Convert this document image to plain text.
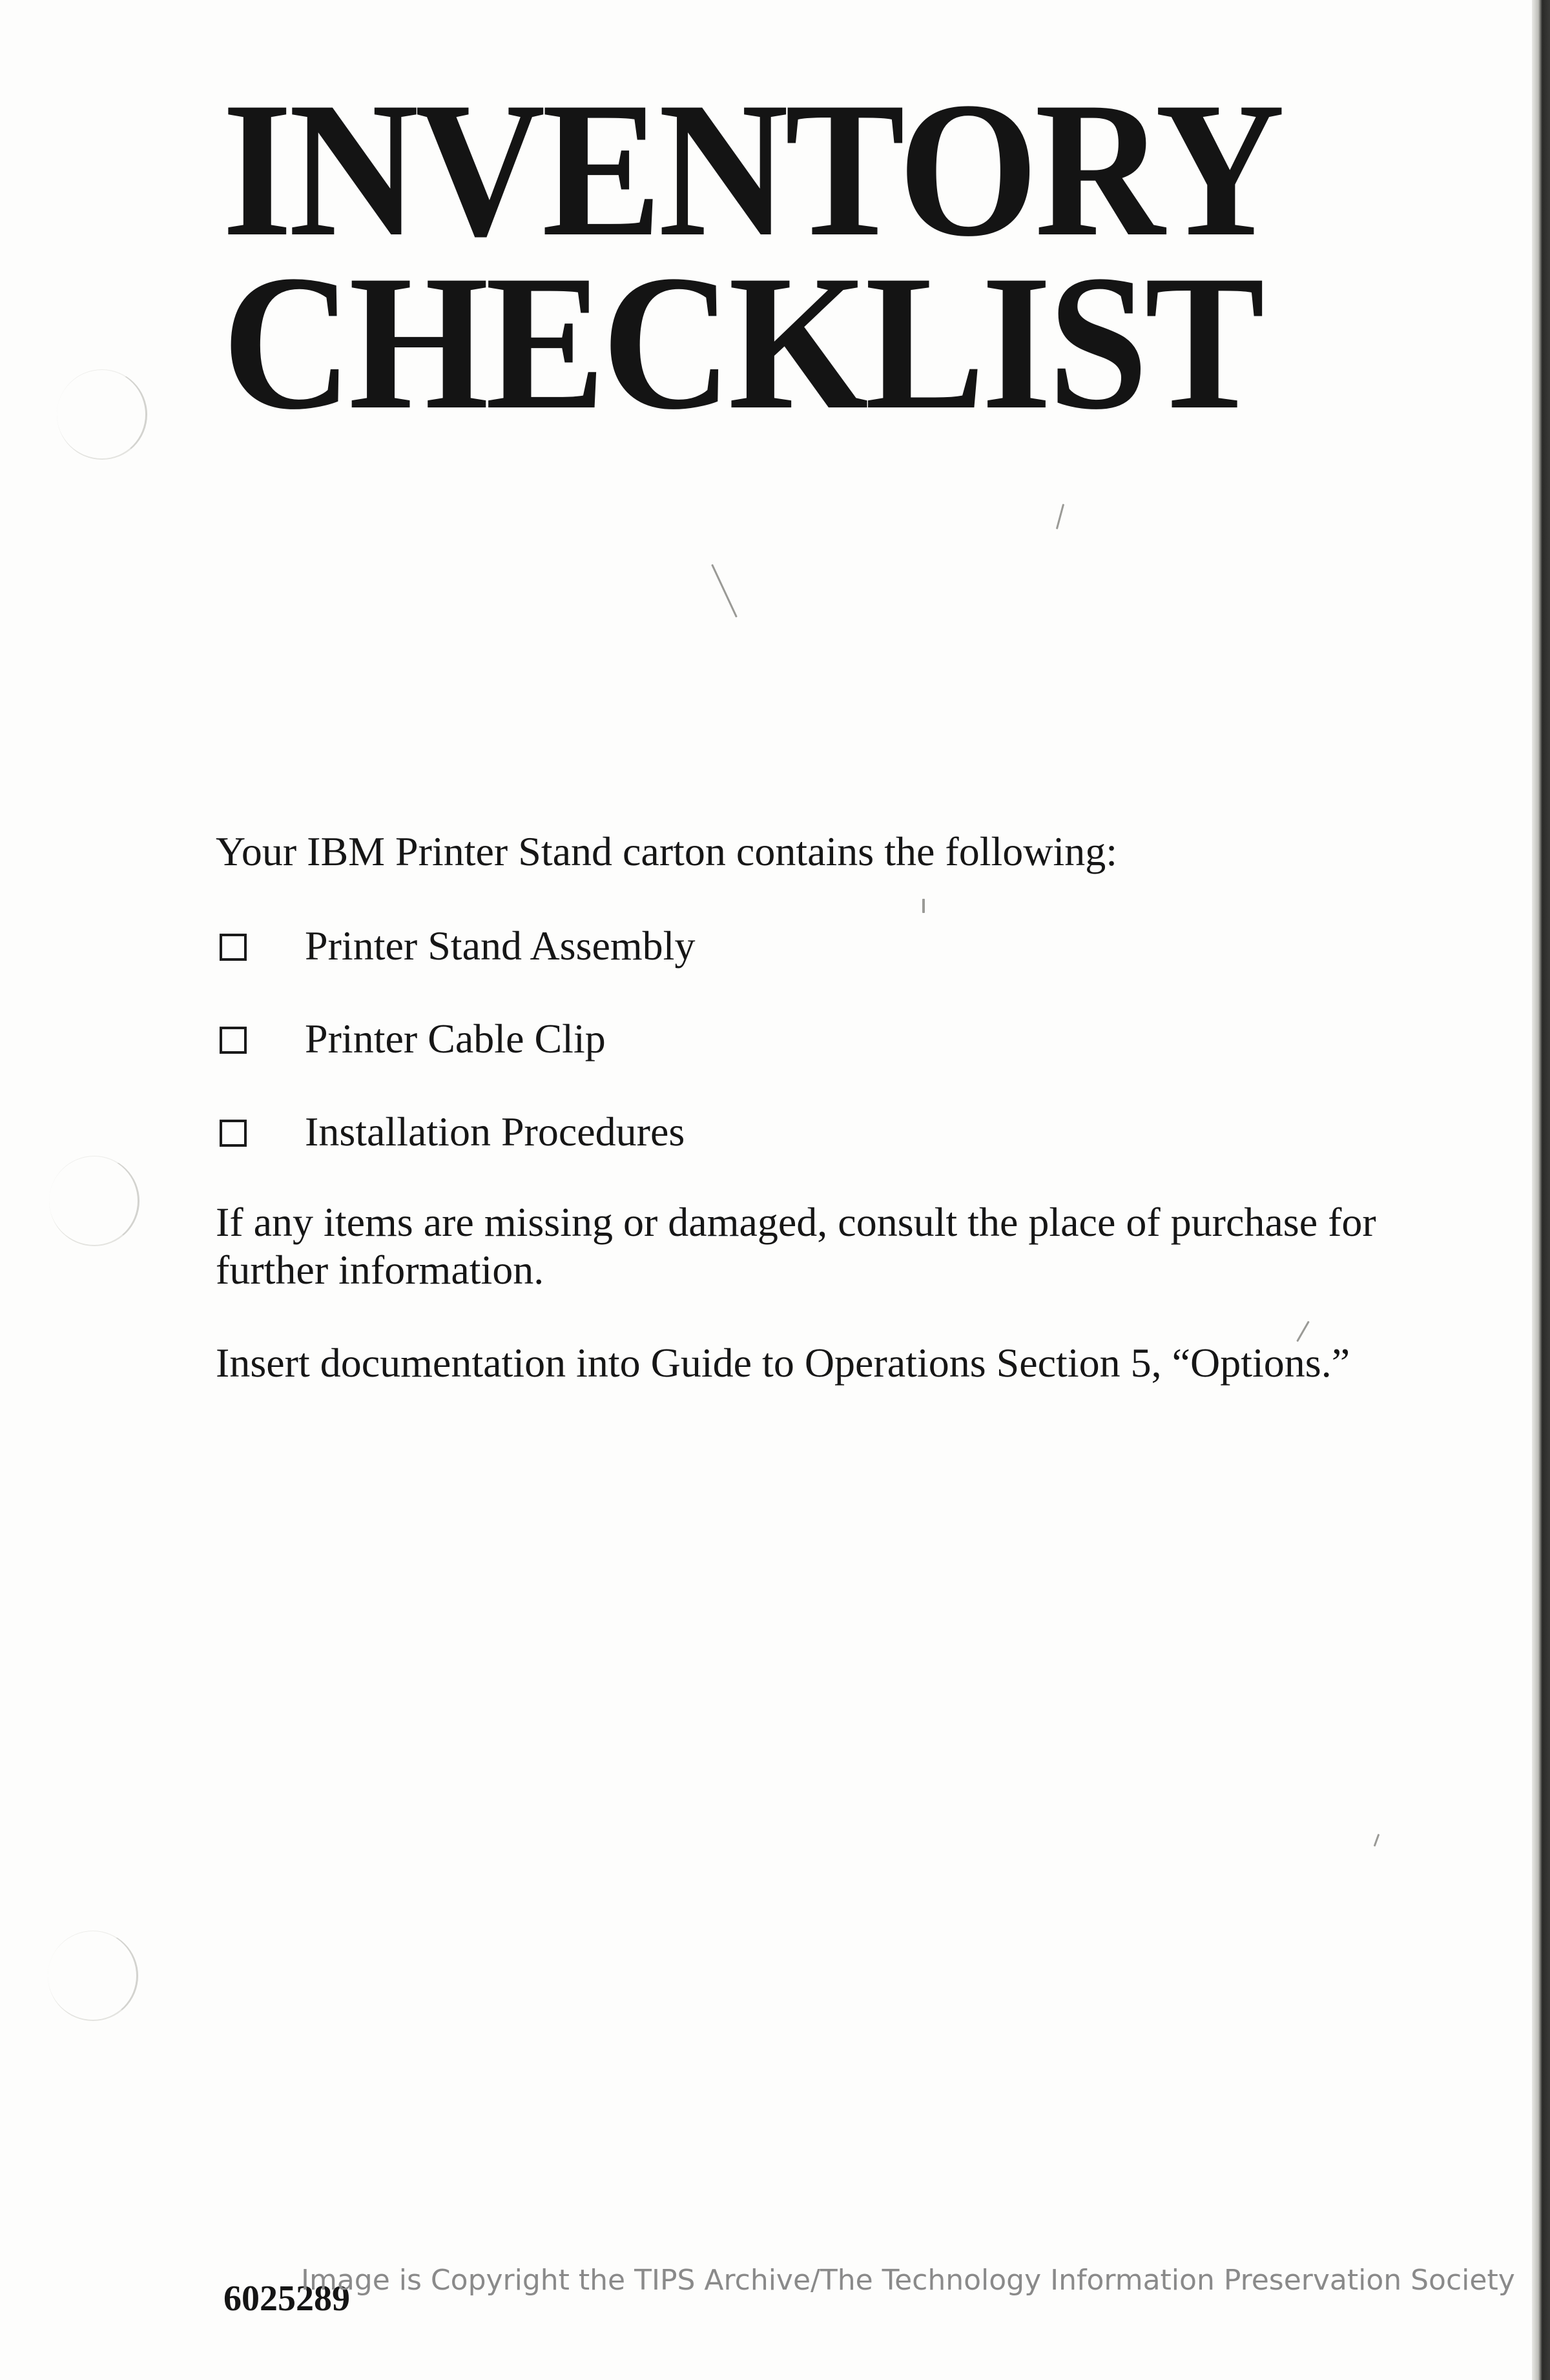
INVENTORY
CHECKLIST

Your IBM Printer Stand carton contains the following:

Printer Stand Assembly
Printer Cable Clip
Installation Procedures

If any items are missing or damaged, consult the place of purchase for further information.

Insert documentation into Guide to Operations Section 5, “Options.”

6025289

Image is Copyright the TIPS Archive/The Technology Information Preservation Society
